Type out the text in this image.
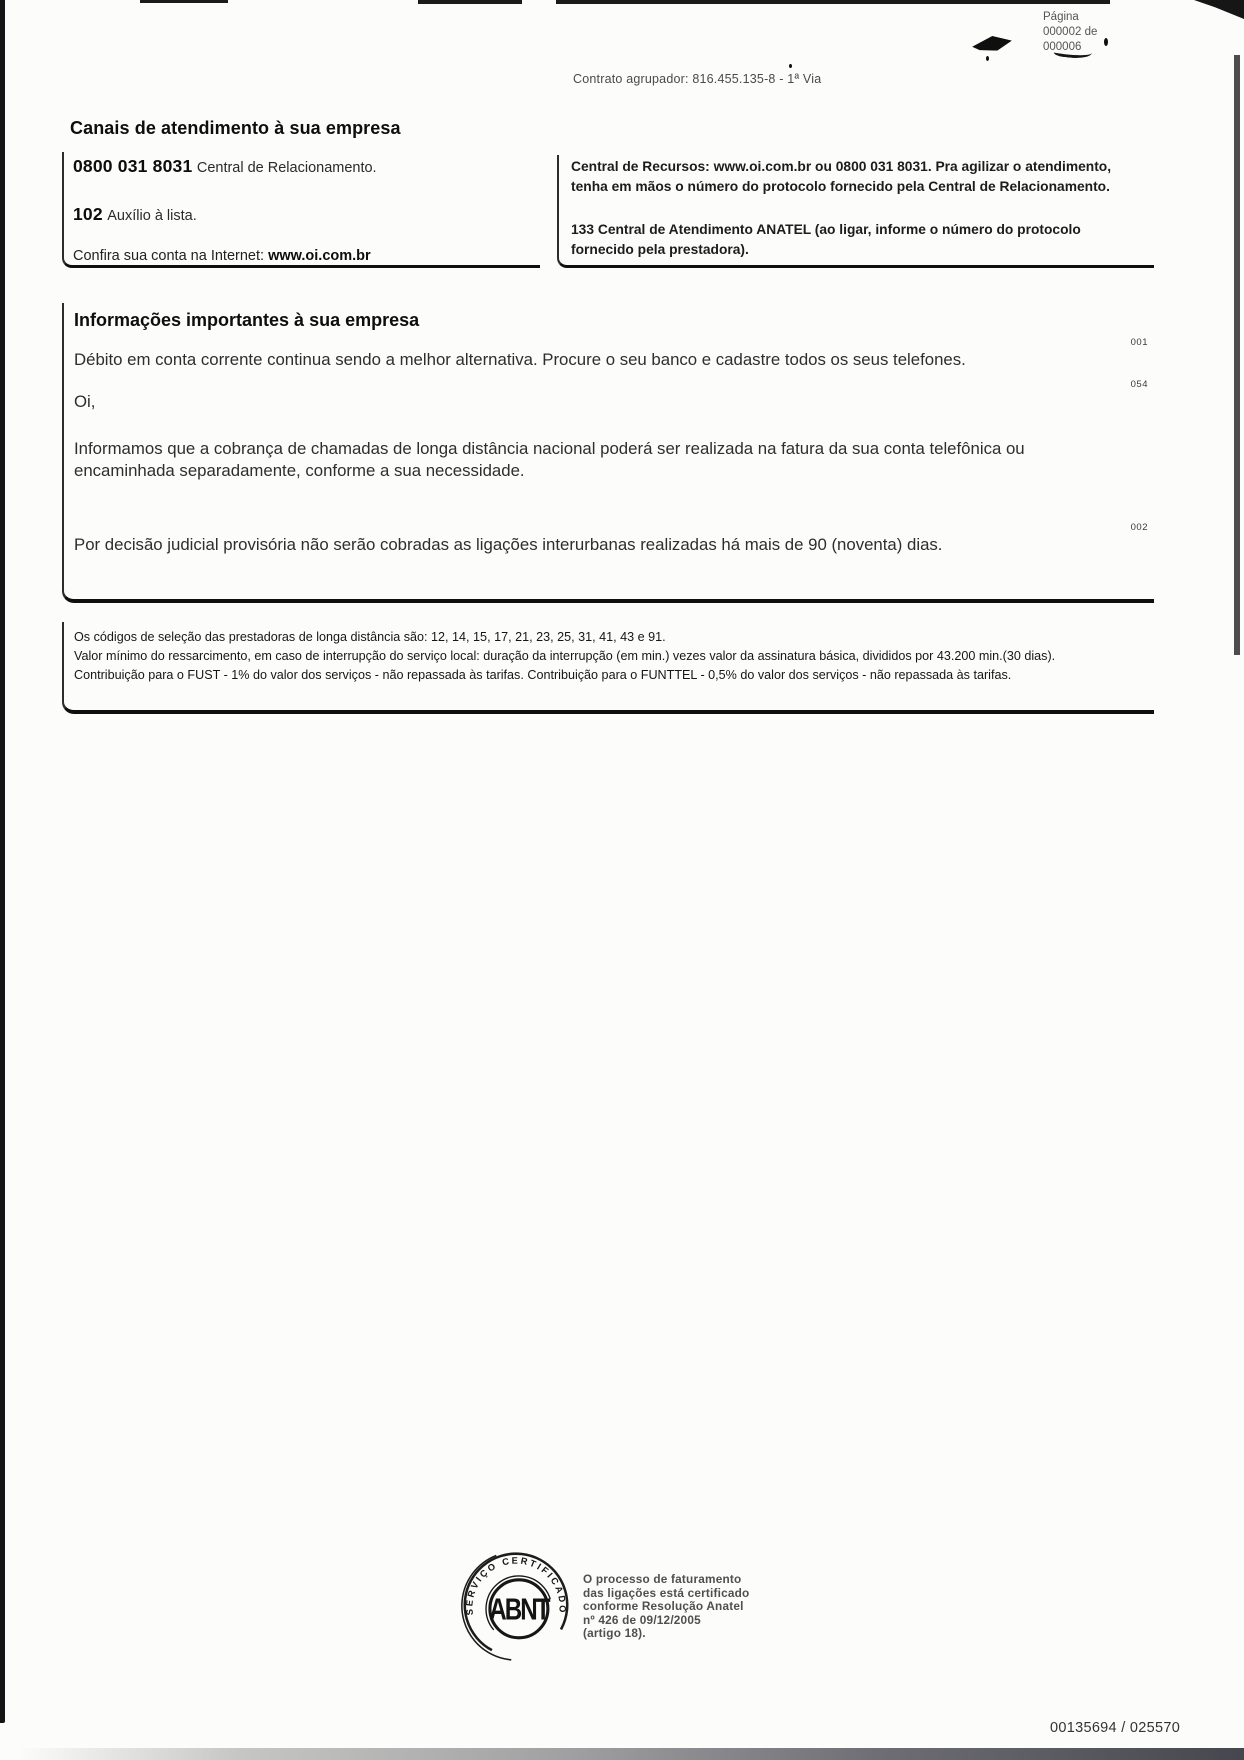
Contrato agrupador: 816.455.135-8 - 1ª Via
Página
000002 de
000006
Canais de atendimento à sua empresa
0800 031 8031 Central de Relacionamento.
102 Auxílio à lista.
Confira sua conta na Internet: www.oi.com.br

Central de Recursos: www.oi.com.br ou 0800 031 8031. Pra agilizar o atendimento, tenha em mãos o número do protocolo fornecido pela Central de Relacionamento.

133 Central de Atendimento ANATEL (ao ligar, informe o número do protocolo fornecido pela prestadora).

Informações importantes à sua empresa
001
Débito em conta corrente continua sendo a melhor alternativa. Procure o seu banco e cadastre todos os seus telefones.
054
Oi,
Informamos que a cobrança de chamadas de longa distância nacional poderá ser realizada na fatura da sua conta telefônica ou encaminhada separadamente, conforme a sua necessidade.
002
Por decisão judicial provisória não serão cobradas as ligações interurbanas realizadas há mais de 90 (noventa) dias.
Os códigos de seleção das prestadoras de longa distância são: 12, 14, 15, 17, 21, 23, 25, 31, 41, 43 e 91.
Valor mínimo do ressarcimento, em caso de interrupção do serviço local: duração da interrupção (em min.) vezes valor da assinatura básica, divididos por 43.200 min.(30 dias).
Contribuição para o FUST - 1% do valor dos serviços - não repassada às tarifas. Contribuição para o FUNTTEL - 0,5% do valor dos serviços - não repassada às tarifas.
SERVIÇO CERTIFICADO
ABNT
O processo de faturamento
das ligações está certificado
conforme Resolução Anatel
nº 426 de 09/12/2005
(artigo 18).
00135694 / 025570
